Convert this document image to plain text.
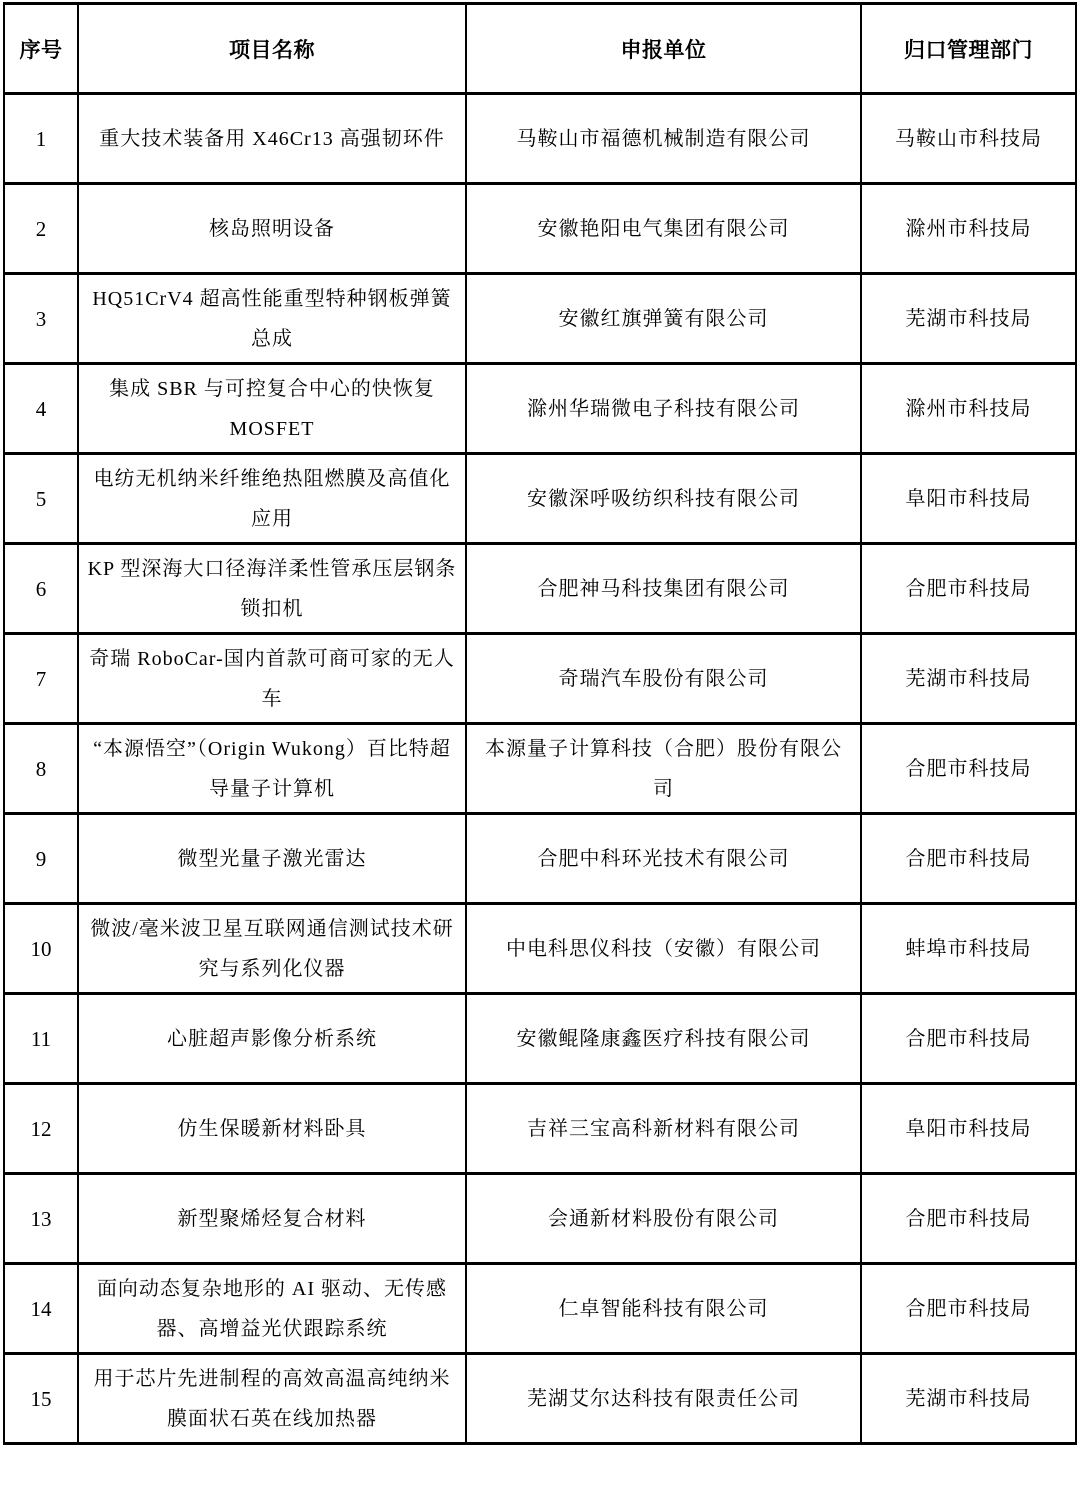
序号	项目名称	申报单位	归口管理部门
1	重大技术装备用 X46Cr13 高强韧环件	马鞍山市福德机械制造有限公司	马鞍山市科技局
2	核岛照明设备	安徽艳阳电气集团有限公司	滁州市科技局
3	HQ51CrV4 超高性能重型特种钢板弹簧总成	安徽红旗弹簧有限公司	芜湖市科技局
4	集成 SBR 与可控复合中心的快恢复 MOSFET	滁州华瑞微电子科技有限公司	滁州市科技局
5	电纺无机纳米纤维绝热阻燃膜及高值化应用	安徽深呼吸纺织科技有限公司	阜阳市科技局
6	KP 型深海大口径海洋柔性管承压层钢条锁扣机	合肥神马科技集团有限公司	合肥市科技局
7	奇瑞 RoboCar-国内首款可商可家的无人车	奇瑞汽车股份有限公司	芜湖市科技局
8	“本源悟空”（Origin Wukong）百比特超导量子计算机	本源量子计算科技（合肥）股份有限公司	合肥市科技局
9	微型光量子激光雷达	合肥中科环光技术有限公司	合肥市科技局
10	微波/毫米波卫星互联网通信测试技术研究与系列化仪器	中电科思仪科技（安徽）有限公司	蚌埠市科技局
11	心脏超声影像分析系统	安徽鲲隆康鑫医疗科技有限公司	合肥市科技局
12	仿生保暖新材料卧具	吉祥三宝高科新材料有限公司	阜阳市科技局
13	新型聚烯烃复合材料	会通新材料股份有限公司	合肥市科技局
14	面向动态复杂地形的 AI 驱动、无传感器、高增益光伏跟踪系统	仁卓智能科技有限公司	合肥市科技局
15	用于芯片先进制程的高效高温高纯纳米膜面状石英在线加热器	芜湖艾尔达科技有限责任公司	芜湖市科技局
